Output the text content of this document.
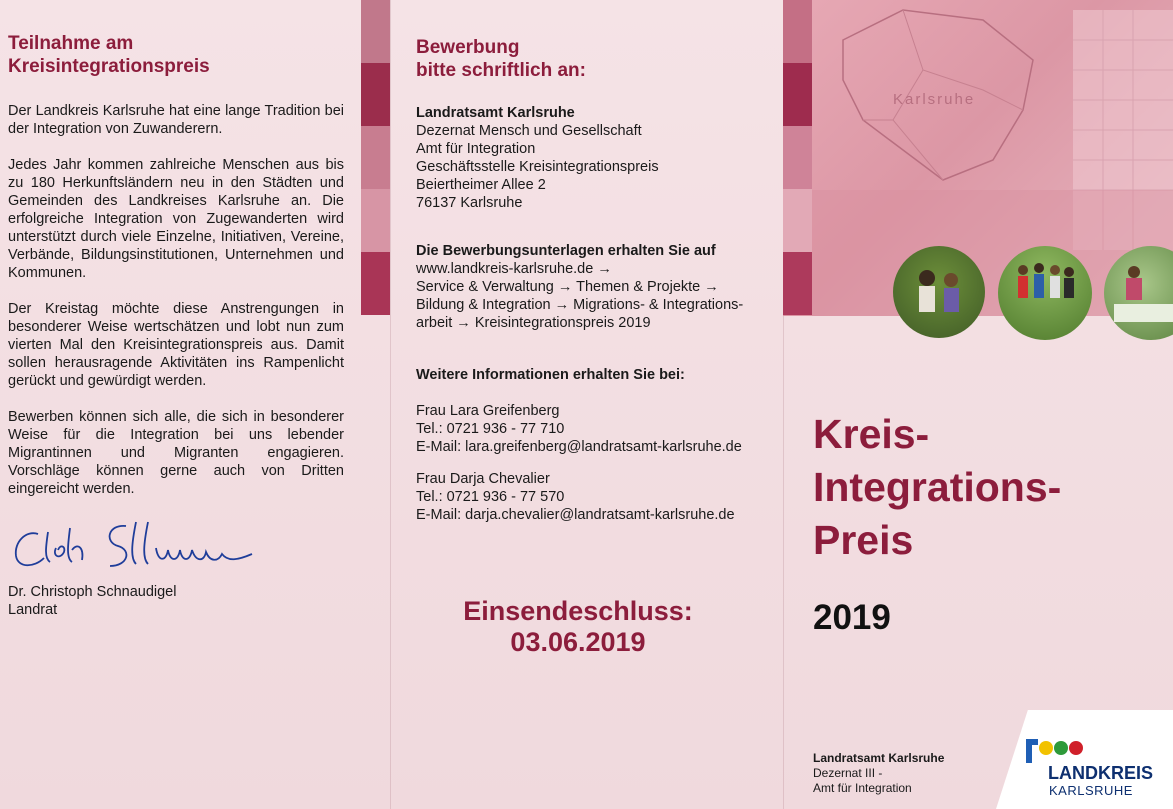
Teilnahme am
Kreisintegrationspreis

Der Landkreis Karlsruhe hat eine lange Tradition bei der Integration von Zuwanderern.

Jedes Jahr kommen zahlreiche Menschen aus bis zu 180 Herkunftsländern neu in den Städten und Gemeinden des Landkreises Karlsruhe an. Die erfolgreiche Integration von Zugewanderten wird unterstützt durch viele Einzelne, Initiativen, Vereine, Verbände, Bildungsinstitutionen, Unternehmen und Kommunen.

Der Kreistag möchte diese Anstrengungen in besonderer Weise wertschätzen und lobt nun zum vierten Mal den Kreisintegrationspreis aus. Damit sollen herausragende Aktivitäten ins Rampenlicht gerückt und gewürdigt werden.

Bewerben können sich alle, die sich in besonderer Weise für die Integration bei uns lebender Migrantinnen und Migranten engagieren. Vorschläge können gerne auch von Dritten eingereicht werden.

Dr. Christoph Schnaudigel
Landrat
Bewerbung
bitte schriftlich an:
Landratsamt Karlsruhe
Dezernat Mensch und Gesellschaft
Amt für Integration
Geschäftsstelle Kreisintegrationspreis
Beiertheimer Allee 2
76137 Karlsruhe
Die Bewerbungsunterlagen erhalten Sie auf
www.landkreis-karlsruhe.de →
Service & Verwaltung → Themen & Projekte →
Bildung & Integration → Migrations- & Integrations-
arbeit → Kreisintegrationspreis 2019
Weitere Informationen erhalten Sie bei:
Frau Lara Greifenberg
Tel.: 0721 936 - 77 710
E-Mail: lara.greifenberg@landratsamt-karlsruhe.de
Frau Darja Chevalier
Tel.: 0721 936 - 77 570
E-Mail: darja.chevalier@landratsamt-karlsruhe.de
Einsendeschluss:
03.06.2019
Karlsruhe
Kreis-
Integrations-
Preis
2019
Landratsamt Karlsruhe
Dezernat III -
Amt für Integration
LANDKREIS
KARLSRUHE
